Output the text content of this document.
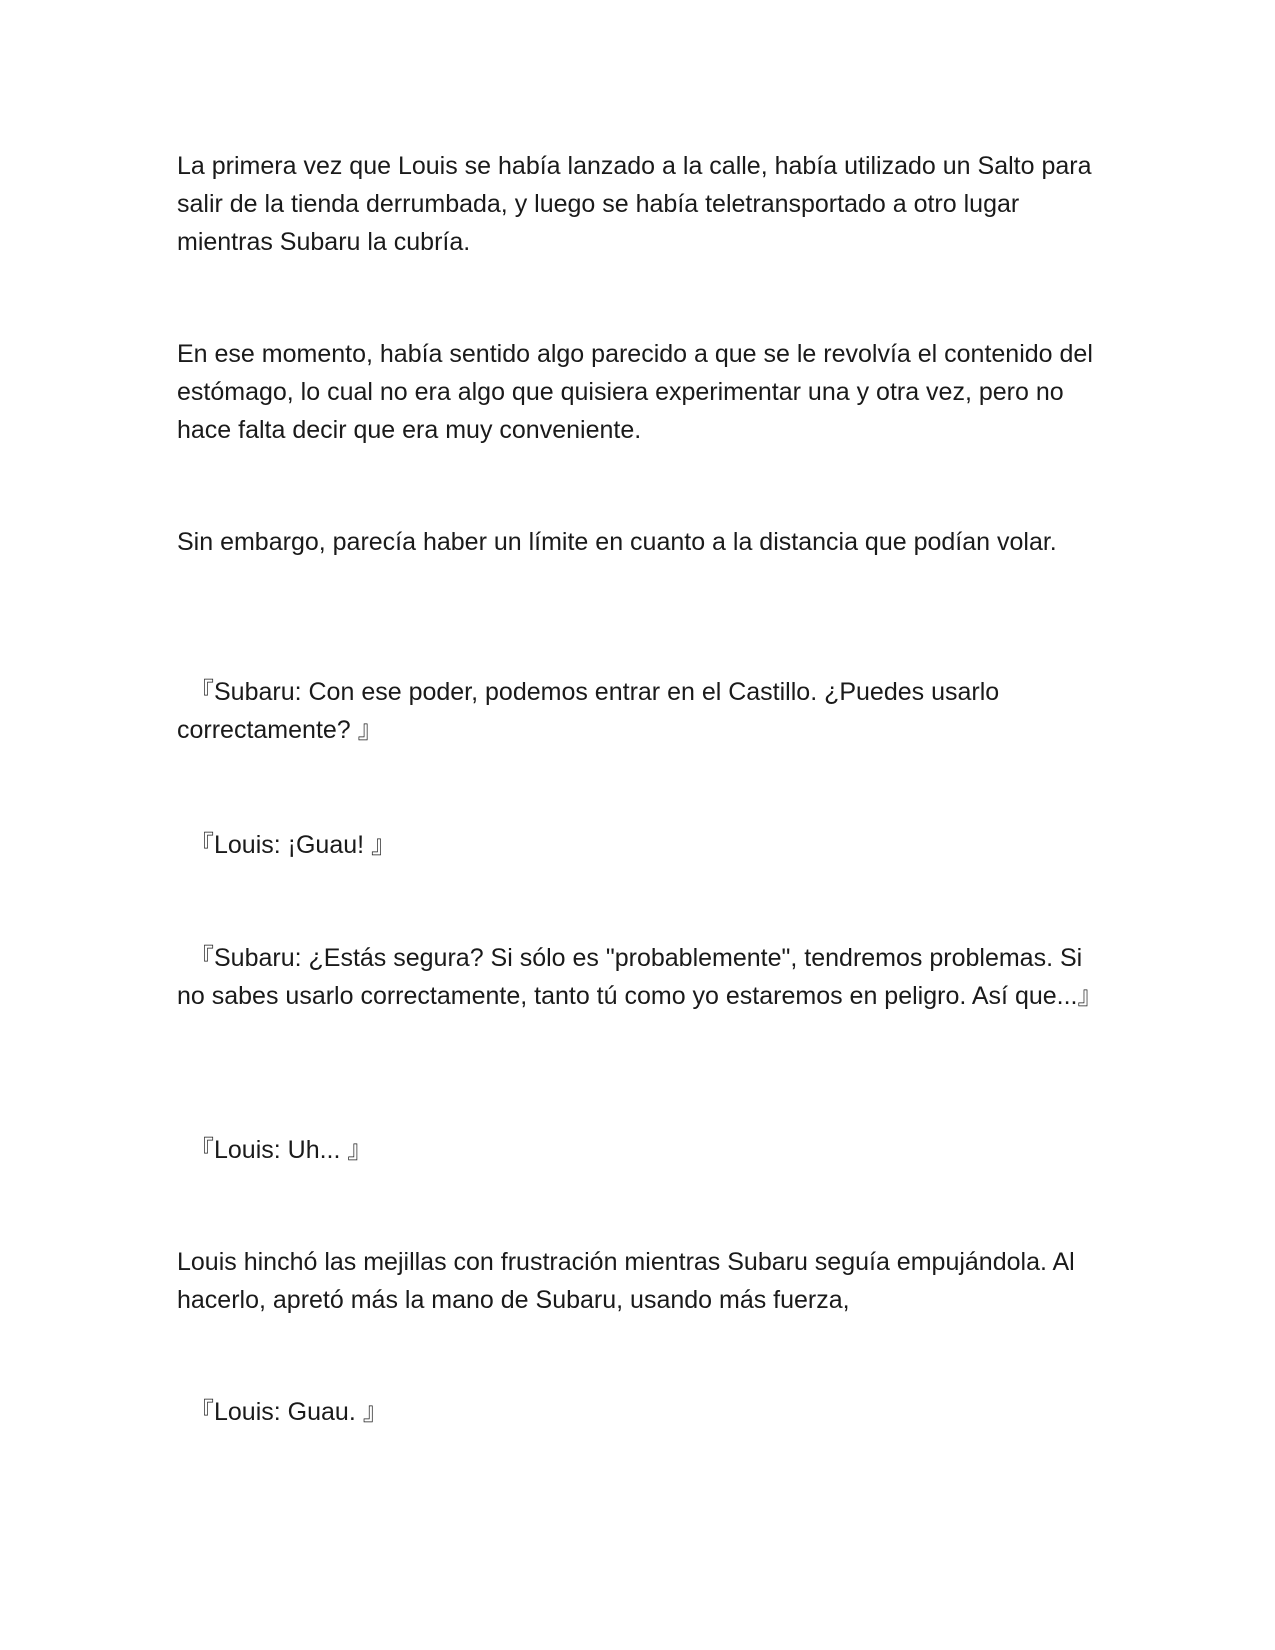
La primera vez que Louis se había lanzado a la calle, había utilizado un Salto para salir de la tienda derrumbada, y luego se había teletransportado a otro lugar mientras Subaru la cubría.

En ese momento, había sentido algo parecido a que se le revolvía el contenido del estómago, lo cual no era algo que quisiera experimentar una y otra vez, pero no hace falta decir que era muy conveniente.

Sin embargo, parecía haber un límite en cuanto a la distancia que podían volar.

『Subaru: Con ese poder, podemos entrar en el Castillo. ¿Puedes usarlo correctamente? 』

『Louis: ¡Guau! 』

『Subaru: ¿Estás segura? Si sólo es "probablemente", tendremos problemas. Si no sabes usarlo correctamente, tanto tú como yo estaremos en peligro. Así que...』

『Louis: Uh... 』

Louis hinchó las mejillas con frustración mientras Subaru seguía empujándola. Al hacerlo, apretó más la mano de Subaru, usando más fuerza,

『Louis: Guau. 』
